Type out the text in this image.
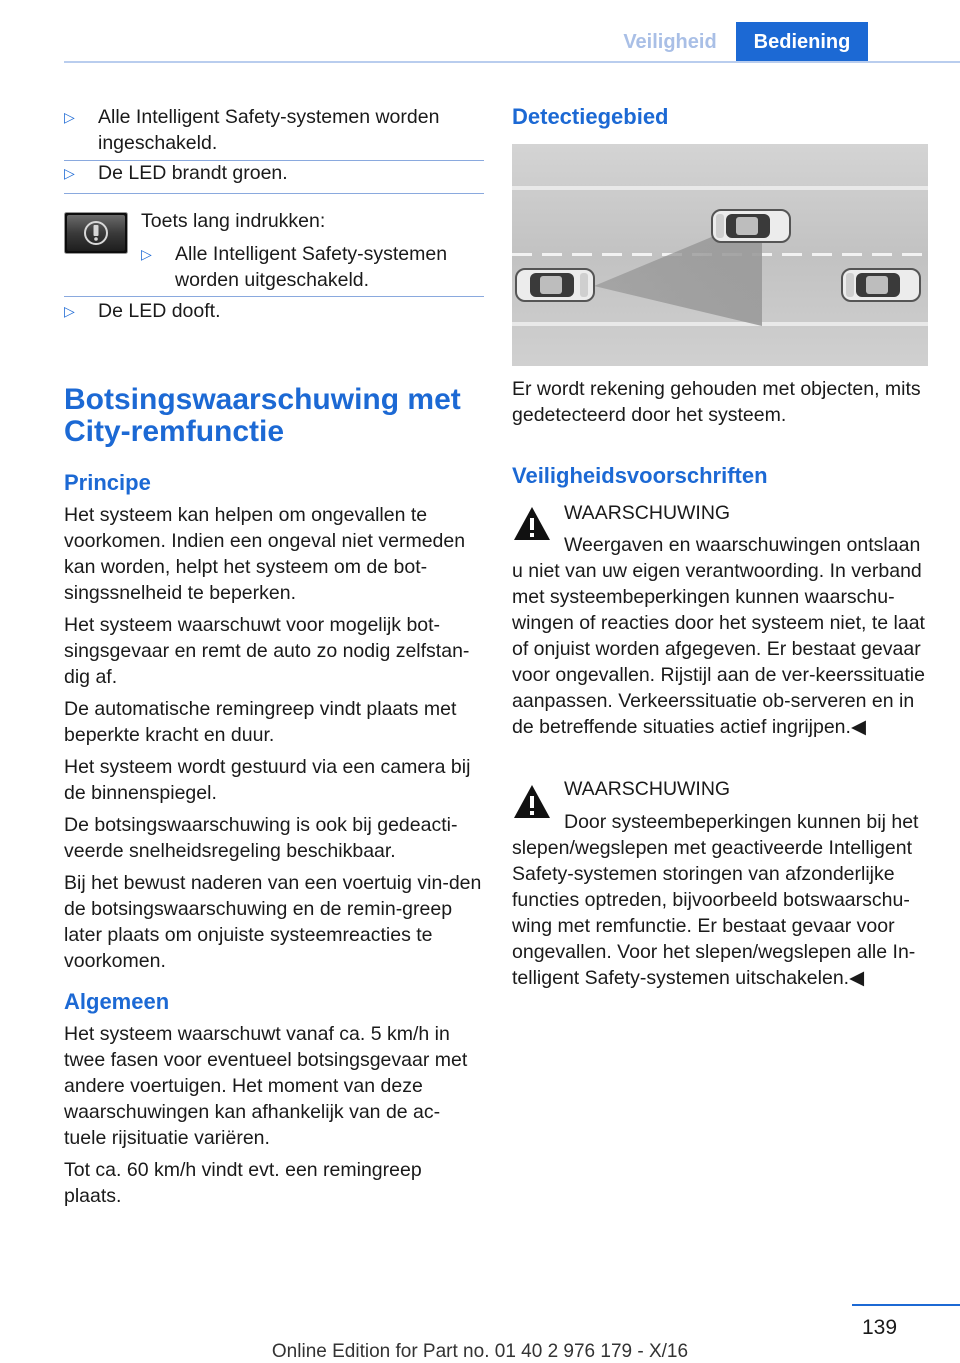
Veiligheid	Bediening
▷	Alle Intelligent Safety-systemen worden ingeschakeld.

▷	De LED brandt groen.

Toets lang indrukken:

▷	Alle Intelligent Safety-systemen worden uitgeschakeld.

▷	De LED dooft.

Botsingswaarschuwing met
City-remfunctie
Principe

Het systeem kan helpen om ongevallen te voorkomen. Indien een ongeval niet vermeden kan worden, helpt het systeem om de bot-singssnelheid te beperken.

Het systeem waarschuwt voor mogelijk bot-singsgevaar en remt de auto zo nodig zelfstan-dig af.

De automatische remingreep vindt plaats met beperkte kracht en duur.

Het systeem wordt gestuurd via een camera bij de binnenspiegel.

De botsingswaarschuwing is ook bij gedeacti-veerde snelheidsregeling beschikbaar.

Bij het bewust naderen van een voertuig vin-den de botsingswaarschuwing en de remin-greep later plaats om onjuiste systeemreacties te voorkomen.

Algemeen

Het systeem waarschuwt vanaf ca. 5 km/h in twee fasen voor eventueel botsingsgevaar met andere voertuigen. Het moment van deze waarschuwingen kan afhankelijk van de ac-tuele rijsituatie variëren.

Tot ca. 60 km/h vindt evt. een remingreep plaats.

Detectiegebied

Er wordt rekening gehouden met objecten, mits gedetecteerd door het systeem.

Veiligheidsvoorschriften

WAARSCHUWING

Weergaven en waarschuwingen ontslaan

u niet van uw eigen verantwoording. In verband met systeembeperkingen kunnen waarschu-wingen of reacties door het systeem niet, te laat of onjuist worden afgegeven. Er bestaat gevaar voor ongevallen. Rijstijl aan de ver-keerssituatie aanpassen. Verkeerssituatie ob-serveren en in de betreffende situaties actief ingrijpen.◀

WAARSCHUWING

Door systeembeperkingen kunnen bij het

slepen/wegslepen met geactiveerde Intelligent Safety-systemen storingen van afzonderlijke functies optreden, bijvoorbeeld botswaarschu-wing met remfunctie. Er bestaat gevaar voor ongevallen. Voor het slepen/wegslepen alle In-telligent Safety-systemen uitschakelen.◀

139
Online Edition for Part no. 01 40 2 976 179 - X/16
